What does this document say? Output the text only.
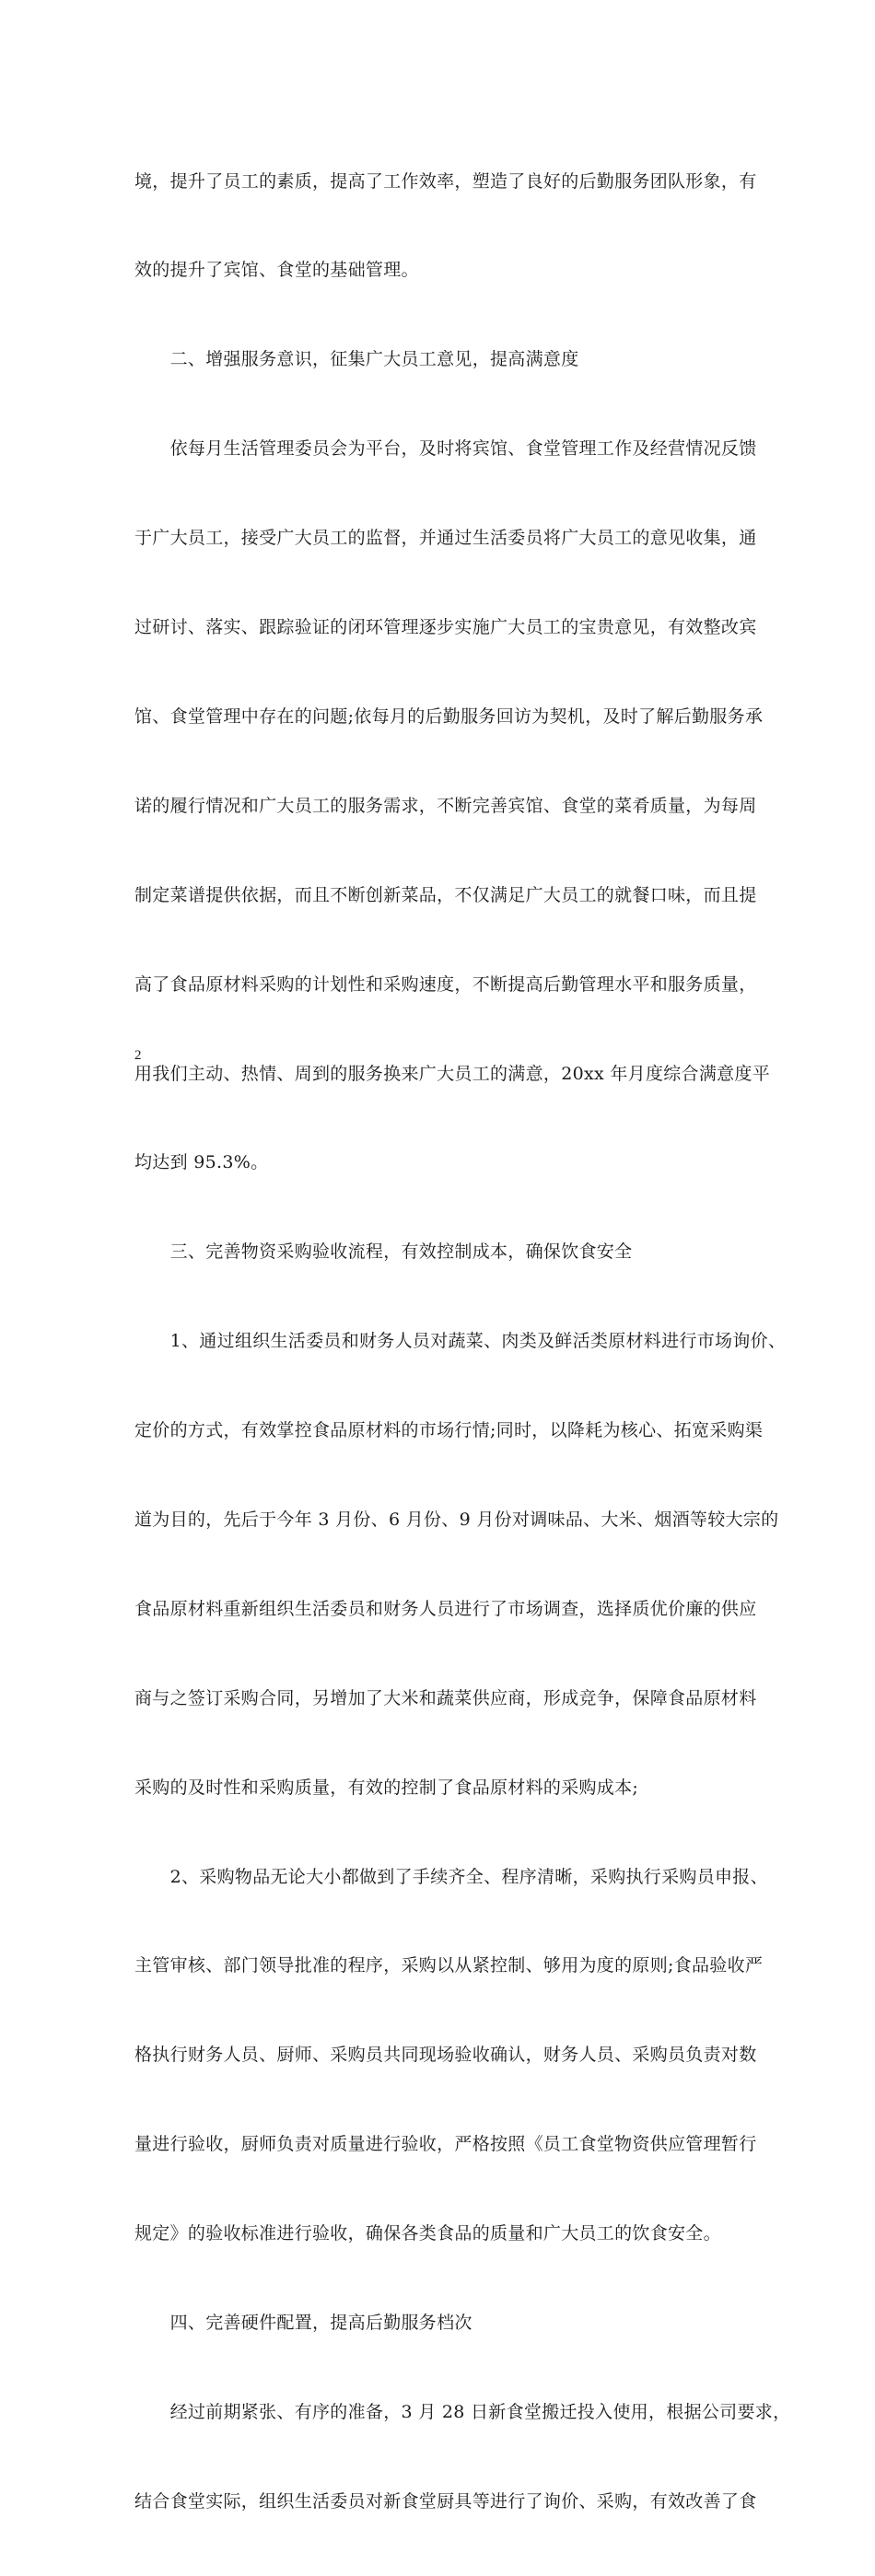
境，提升了员工的素质，提高了工作效率，塑造了良好的后勤服务团队形象，有

效的提升了宾馆、食堂的基础管理。

　　二、增强服务意识，征集广大员工意见，提高满意度

　　依每月生活管理委员会为平台，及时将宾馆、食堂管理工作及经营情况反馈

于广大员工，接受广大员工的监督，并通过生活委员将广大员工的意见收集，通

过研讨、落实、跟踪验证的闭环管理逐步实施广大员工的宝贵意见，有效整改宾

馆、食堂管理中存在的问题;依每月的后勤服务回访为契机，及时了解后勤服务承

诺的履行情况和广大员工的服务需求，不断完善宾馆、食堂的菜肴质量，为每周

制定菜谱提供依据，而且不断创新菜品，不仅满足广大员工的就餐口味，而且提

高了食品原材料采购的计划性和采购速度，不断提高后勤管理水平和服务质量，

用我们主动、热情、周到的服务换来广大员工的满意，20xx 年月度综合满意度平

均达到 95.3%。

　　三、完善物资采购验收流程，有效控制成本，确保饮食安全

　　1、通过组织生活委员和财务人员对蔬菜、肉类及鲜活类原材料进行市场询价、

定价的方式，有效掌控食品原材料的市场行情;同时，以降耗为核心、拓宽采购渠

道为目的，先后于今年 3 月份、6 月份、9 月份对调味品、大米、烟酒等较大宗的

食品原材料重新组织生活委员和财务人员进行了市场调查，选择质优价廉的供应

商与之签订采购合同，另增加了大米和蔬菜供应商，形成竞争，保障食品原材料

采购的及时性和采购质量，有效的控制了食品原材料的采购成本;

　　2、采购物品无论大小都做到了手续齐全、程序清晰，采购执行采购员申报、

主管审核、部门领导批准的程序，采购以从紧控制、够用为度的原则;食品验收严

格执行财务人员、厨师、采购员共同现场验收确认，财务人员、采购员负责对数

量进行验收，厨师负责对质量进行验收，严格按照《员工食堂物资供应管理暂行

规定》的验收标准进行验收，确保各类食品的质量和广大员工的饮食安全。

　　四、完善硬件配置，提高后勤服务档次

　　经过前期紧张、有序的准备，3 月 28 日新食堂搬迁投入使用，根据公司要求，

结合食堂实际，组织生活委员对新食堂厨具等进行了询价、采购，有效改善了食

2
